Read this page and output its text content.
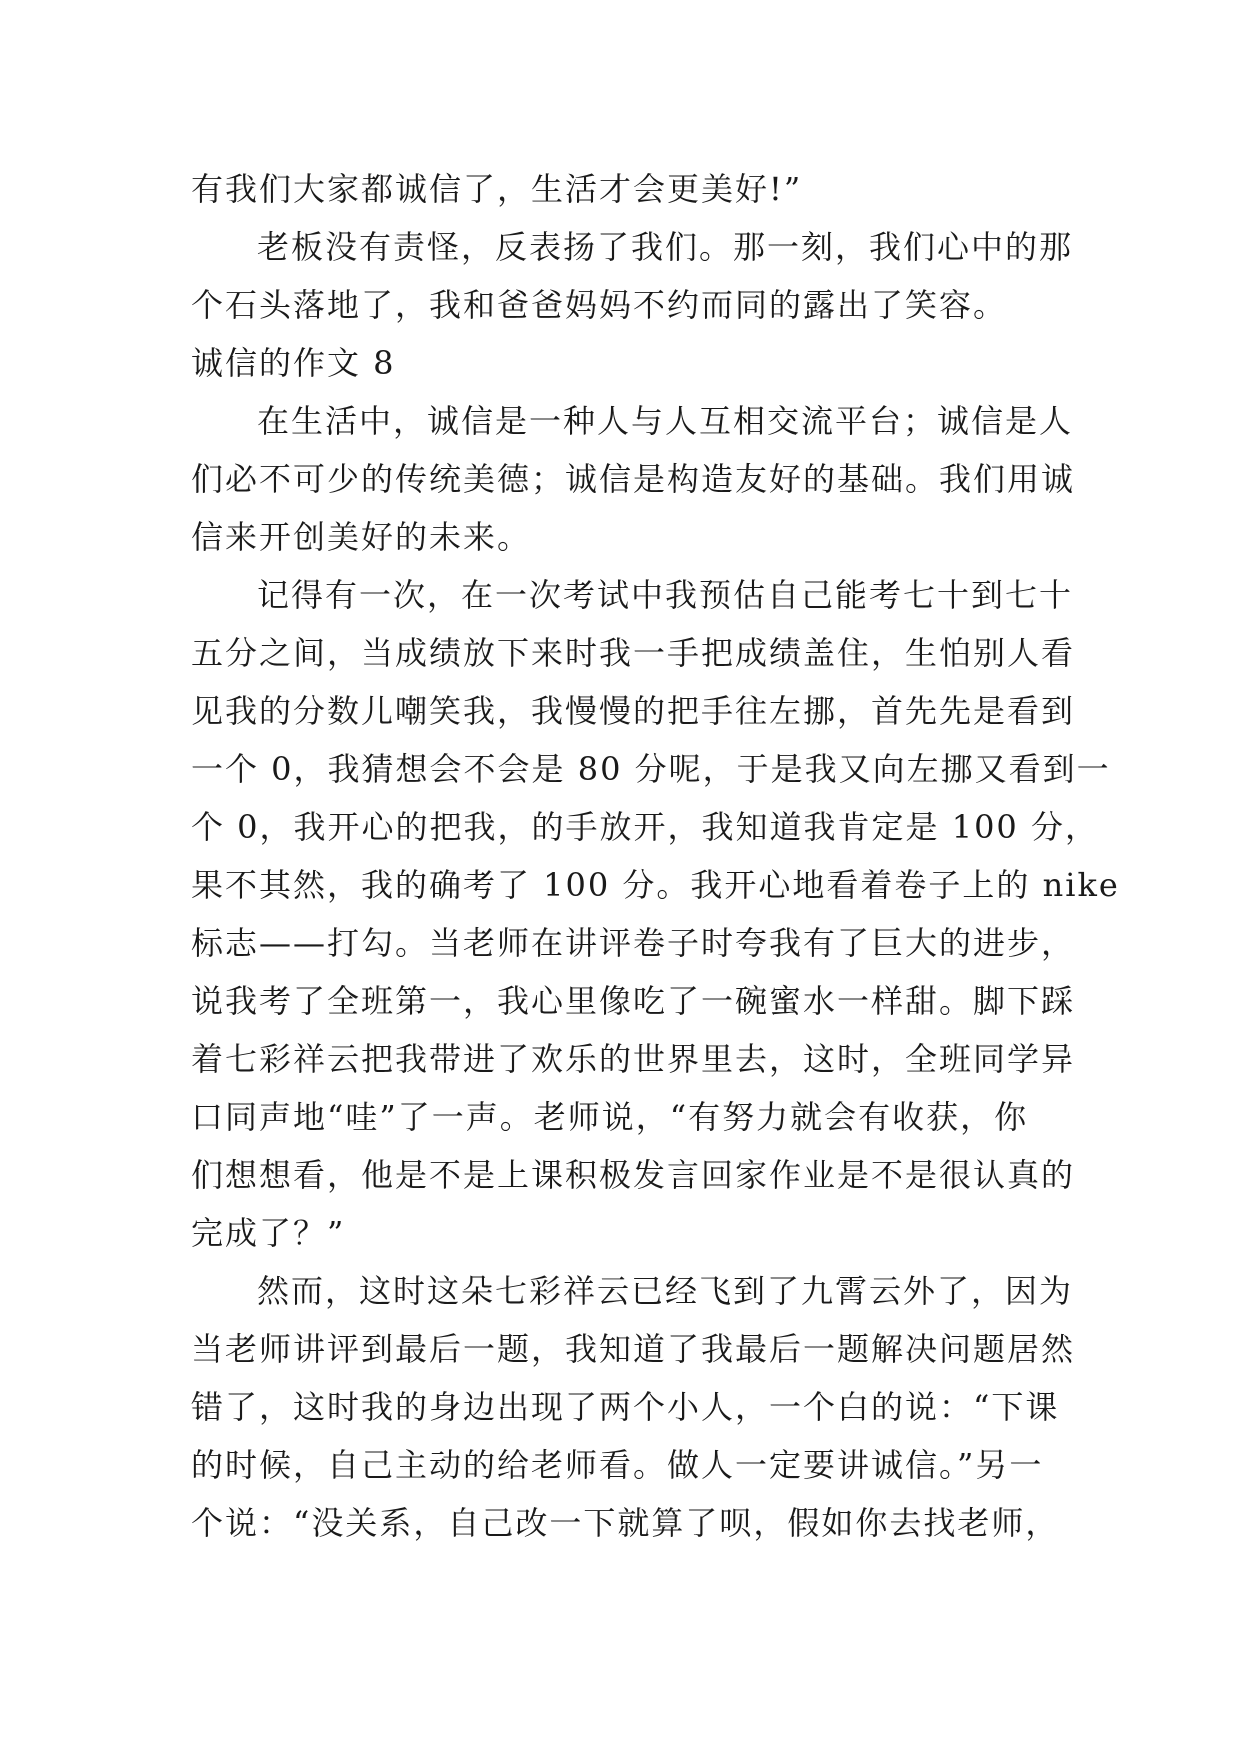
有我们大家都诚信了，生活才会更美好!”
老板没有责怪，反表扬了我们。那一刻，我们心中的那
个石头落地了，我和爸爸妈妈不约而同的露出了笑容。
诚信的作文 8
在生活中，诚信是一种人与人互相交流平台；诚信是人
们必不可少的传统美德；诚信是构造友好的基础。我们用诚
信来开创美好的未来。
记得有一次，在一次考试中我预估自己能考七十到七十
五分之间，当成绩放下来时我一手把成绩盖住，生怕别人看
见我的分数儿嘲笑我，我慢慢的把手往左挪，首先先是看到
一个 0，我猜想会不会是 80 分呢，于是我又向左挪又看到一
个 0，我开心的把我，的手放开，我知道我肯定是 100 分，
果不其然，我的确考了 100 分。我开心地看着卷子上的 nike
标志——打勾。当老师在讲评卷子时夸我有了巨大的进步，
说我考了全班第一，我心里像吃了一碗蜜水一样甜。脚下踩
着七彩祥云把我带进了欢乐的世界里去，这时，全班同学异
口同声地“哇”了一声。老师说，“有努力就会有收获，你
们想想看，他是不是上课积极发言回家作业是不是很认真的
完成了？”
然而，这时这朵七彩祥云已经飞到了九霄云外了，因为
当老师讲评到最后一题，我知道了我最后一题解决问题居然
错了，这时我的身边出现了两个小人，一个白的说：“下课
的时候，自己主动的给老师看。做人一定要讲诚信。”另一
个说：“没关系，自己改一下就算了呗，假如你去找老师，
